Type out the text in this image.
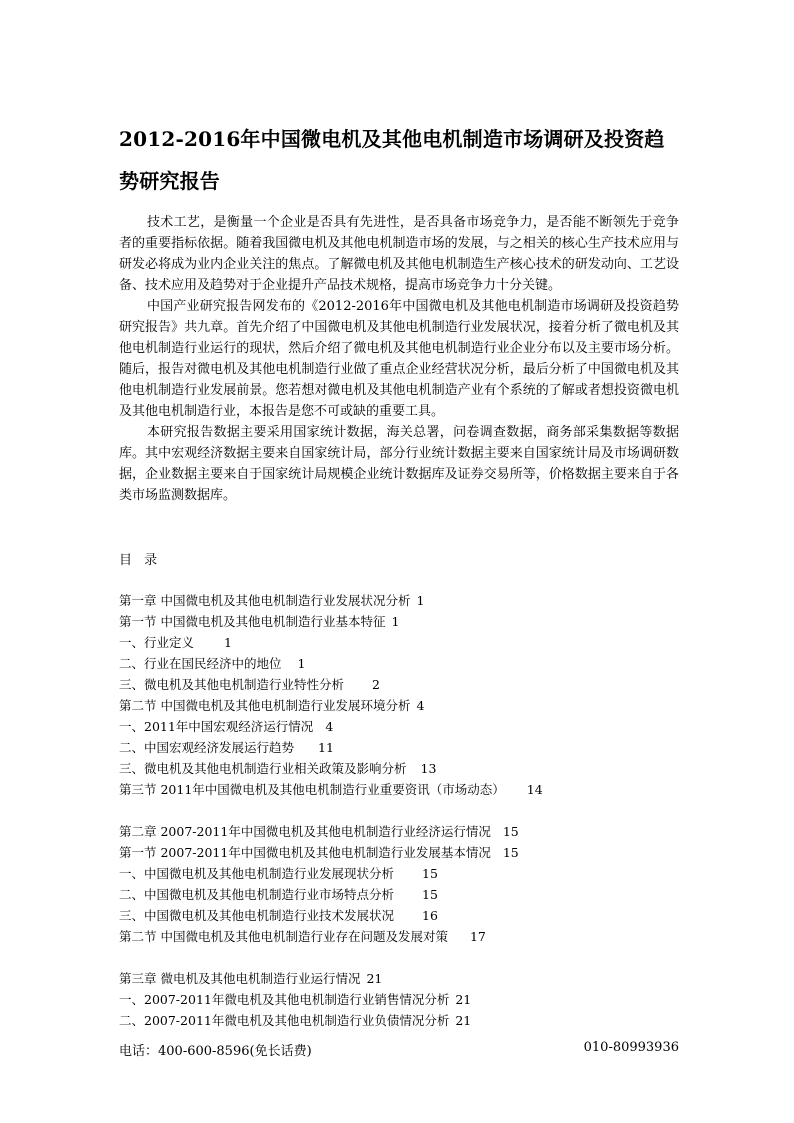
2012-2016年中国微电机及其他电机制造市场调研及投资趋势研究报告

技术工艺，是衡量一个企业是否具有先进性，是否具备市场竞争力，是否能不断领先于竞争者的重要指标依据。随着我国微电机及其他电机制造市场的发展，与之相关的核心生产技术应用与研发必将成为业内企业关注的焦点。了解微电机及其他电机制造生产核心技术的研发动向、工艺设备、技术应用及趋势对于企业提升产品技术规格，提高市场竞争力十分关键。

中国产业研究报告网发布的《2012-2016年中国微电机及其他电机制造市场调研及投资趋势研究报告》共九章。首先介绍了中国微电机及其他电机制造行业发展状况，接着分析了微电机及其他电机制造行业运行的现状，然后介绍了微电机及其他电机制造行业企业分布以及主要市场分析。随后，报告对微电机及其他电机制造行业做了重点企业经营状况分析，最后分析了中国微电机及其他电机制造行业发展前景。您若想对微电机及其他电机制造产业有个系统的了解或者想投资微电机及其他电机制造行业，本报告是您不可或缺的重要工具。

本研究报告数据主要采用国家统计数据，海关总署，问卷调查数据，商务部采集数据等数据库。其中宏观经济数据主要来自国家统计局，部分行业统计数据主要来自国家统计局及市场调研数据，企业数据主要来自于国家统计局规模企业统计数据库及证券交易所等，价格数据主要来自于各类市场监测数据库。

目 录
第一章 中国微电机及其他电机制造行业发展状况分析 1
第一节 中国微电机及其他电机制造行业基本特征 1
一、行业定义 1
二、行业在国民经济中的地位 1
三、微电机及其他电机制造行业特性分析 2
第二节 中国微电机及其他电机制造行业发展环境分析 4
一、2011年中国宏观经济运行情况 4
二、中国宏观经济发展运行趋势 11
三、微电机及其他电机制造行业相关政策及影响分析 13
第三节 2011年中国微电机及其他电机制造行业重要资讯（市场动态） 14
第二章 2007-2011年中国微电机及其他电机制造行业经济运行情况 15
第一节 2007-2011年中国微电机及其他电机制造行业发展基本情况 15
一、中国微电机及其他电机制造行业发展现状分析 15
二、中国微电机及其他电机制造行业市场特点分析 15
三、中国微电机及其他电机制造行业技术发展状况 16
第二节 中国微电机及其他电机制造行业存在问题及发展对策 17
第三章 微电机及其他电机制造行业运行情况 21
一、2007-2011年微电机及其他电机制造行业销售情况分析 21
二、2007-2011年微电机及其他电机制造行业负债情况分析 21
电话：400-600-8596(免长话费)	010-80993936
